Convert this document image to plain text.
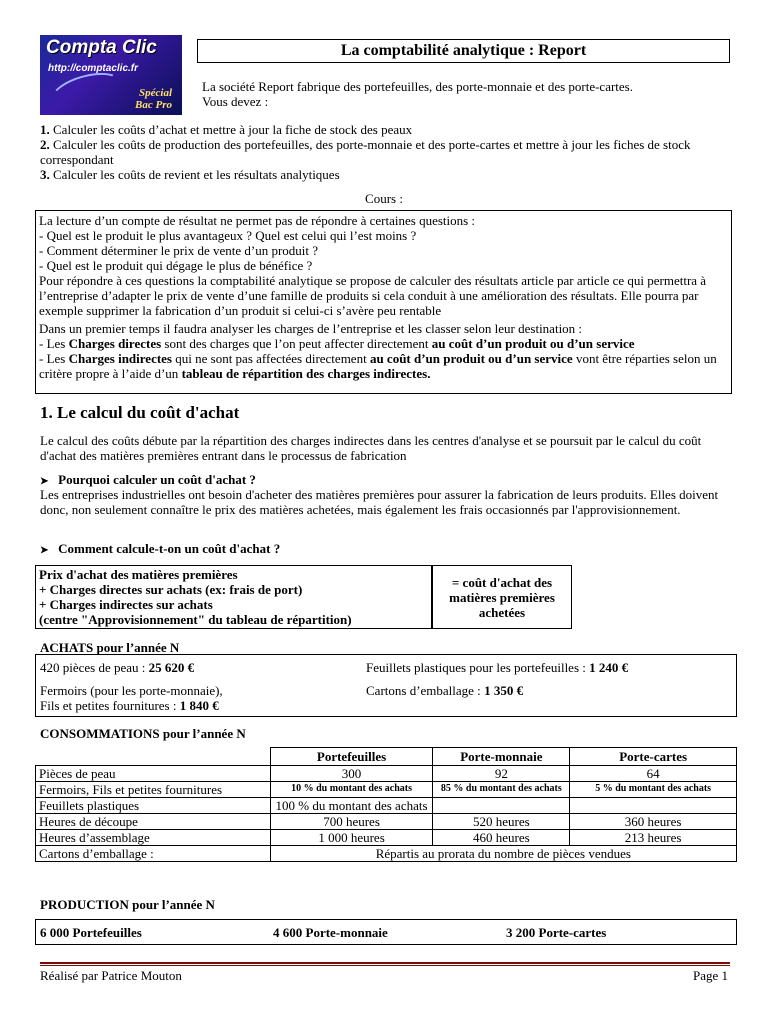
Compta Clic
http://comptaclic.fr
Spécial
Bac Pro
La comptabilité analytique : Report
La société Report fabrique des portefeuilles, des porte-monnaie et des porte-cartes.
Vous devez :
1. Calculer les coûts d’achat et mettre à jour la fiche de stock des peaux
2. Calculer les coûts de production des portefeuilles, des porte-monnaie et des porte-cartes et mettre à jour les fiches de stock correspondant
3. Calculer les coûts de revient et les résultats analytiques
Cours :
La lecture d’un compte de résultat ne permet pas de répondre à certaines questions :
- Quel est le produit le plus avantageux ? Quel est celui qui l’est moins ?
- Comment déterminer le prix de vente d’un produit ?
- Quel est le produit qui dégage le plus de bénéfice ?
Pour répondre à ces questions la comptabilité analytique se propose de calculer des résultats article par article ce qui permettra à l’entreprise d’adapter le prix de vente d’une famille de produits si cela conduit à une amélioration des résultats. Elle pourra par exemple supprimer la fabrication d’un produit si celui-ci s’avère peu rentable
Dans un premier temps il faudra analyser les charges de l’entreprise et les classer selon leur destination :
- Les Charges directes sont des charges que l’on peut affecter directement au coût d’un produit ou d’un service
- Les Charges indirectes qui ne sont pas affectées directement au coût d’un produit ou d’un service vont être réparties selon un critère propre à l’aide d’un tableau de répartition des charges indirectes.
1. Le calcul du coût d'achat
Le calcul des coûts débute par la répartition des charges indirectes dans les centres d'analyse et se poursuit par le calcul du coût d'achat des matières premières entrant dans le processus de fabrication
➤ Pourquoi calculer un coût d'achat ?
Les entreprises industrielles ont besoin d'acheter des matières premières pour assurer la fabrication de leurs produits. Elles doivent donc, non seulement connaître le prix des matières achetées, mais également les frais occasionnés par l'approvisionnement.
➤ Comment calcule-t-on un coût d'achat ?
Prix d'achat des matières premières
+ Charges directes sur achats (ex: frais de port)
+ Charges indirectes sur achats
(centre "Approvisionnement" du tableau de répartition)
= coût d'achat des matières premières achetées
ACHATS pour l’année N
420 pièces de peau : 25 620 €	Feuillets plastiques pour les portefeuilles : 1 240 €
Fermoirs (pour les porte-monnaie),
Fils et petites fournitures : 1 840 €
Cartons d’emballage : 1 350 €
CONSOMMATIONS pour l’année N
	Portefeuilles	Porte-monnaie	Porte-cartes
Pièces de peau	300	92	64
Fermoirs, Fils et petites fournitures	10 % du montant des achats	85 % du montant des achats	5 % du montant des achats
Feuillets plastiques	100 % du montant des achats		
Heures de découpe	700 heures	520 heures	360 heures
Heures d’assemblage	1 000 heures	460 heures	213 heures
Cartons d’emballage :	Répartis au prorata du nombre de pièces vendues		
PRODUCTION pour l’année N
6 000 Portefeuilles	4 600 Porte-monnaie	3 200 Porte-cartes
Réalisé par Patrice Mouton	Page 1
